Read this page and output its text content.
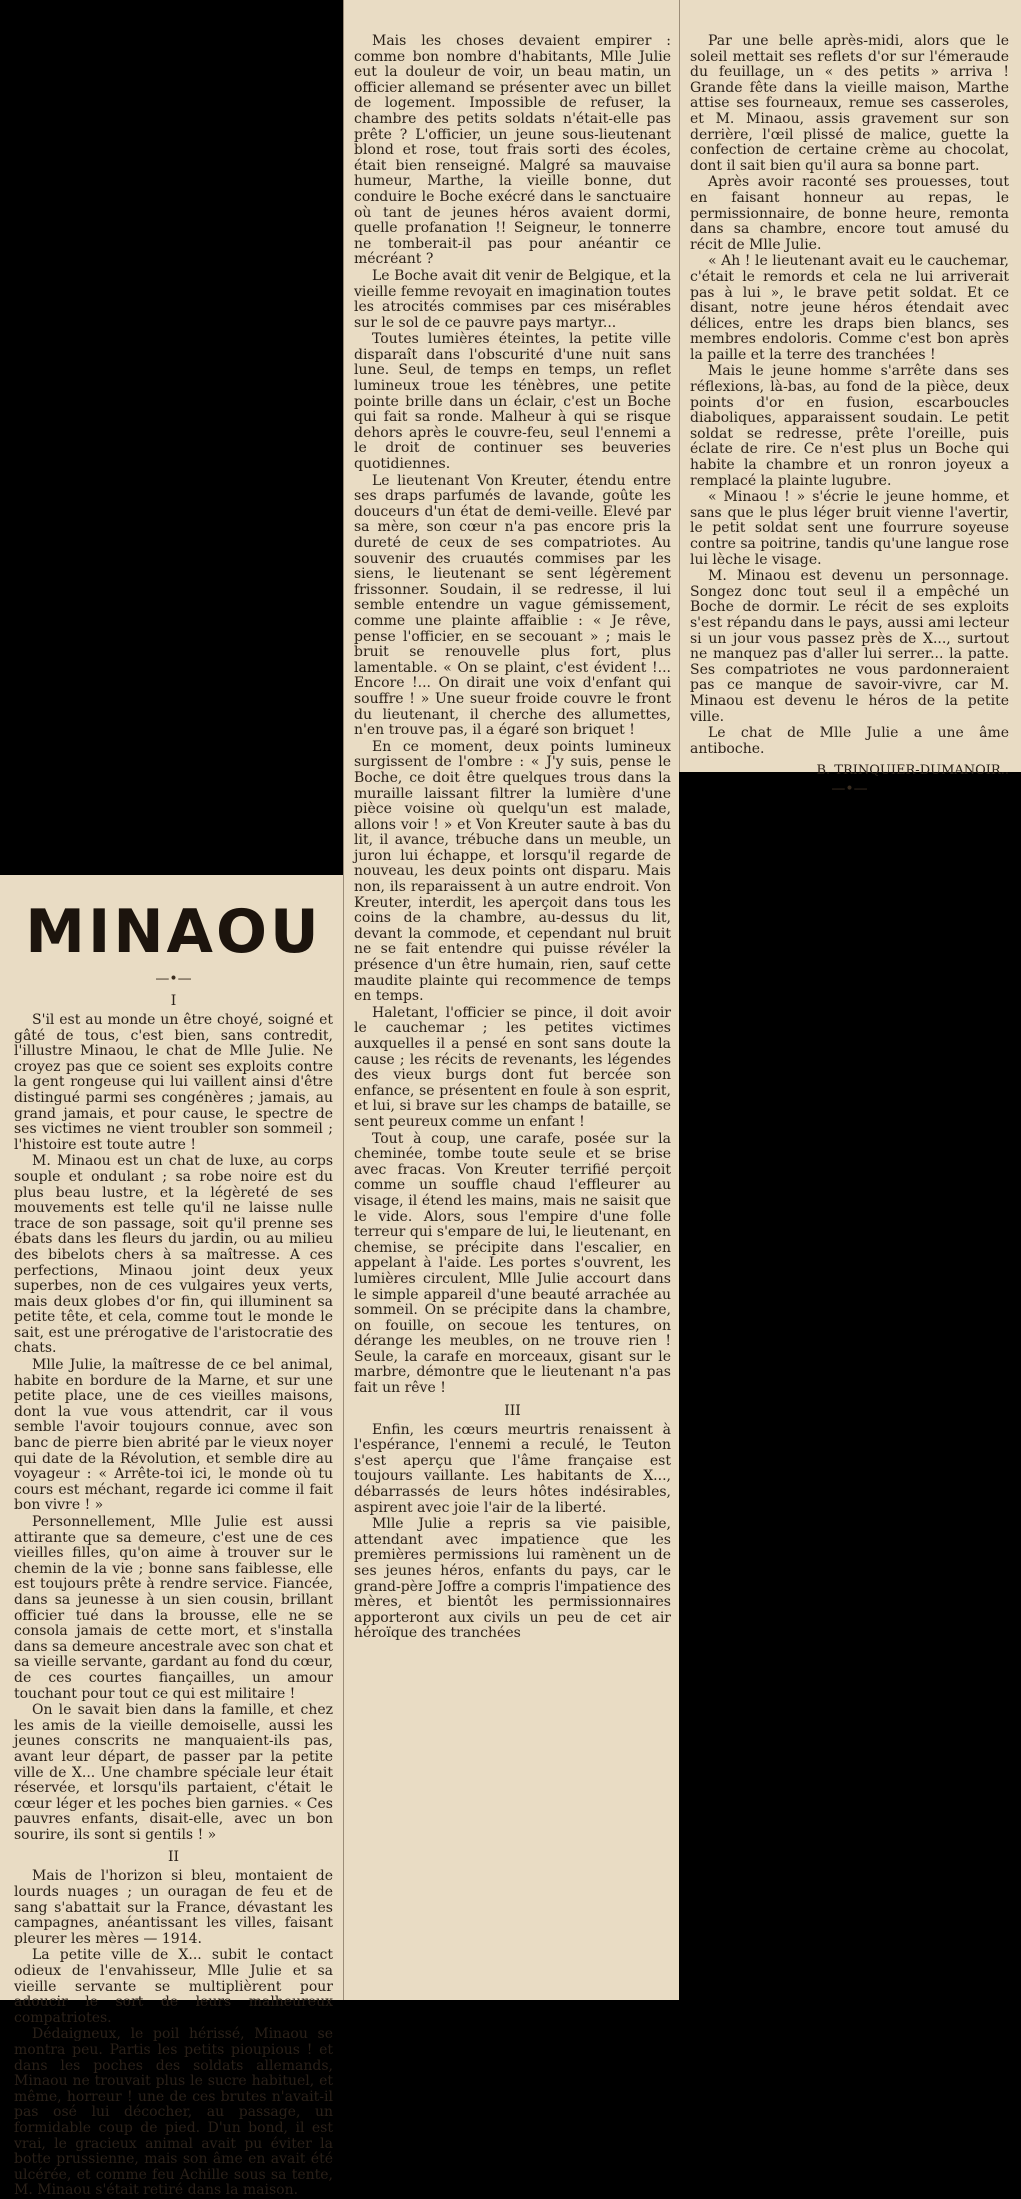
MINAOU
—•—
I

S'il est au monde un être choyé, soigné et gâté de tous, c'est bien, sans contredit, l'illustre Minaou, le chat de Mlle Julie. Ne croyez pas que ce soient ses exploits contre la gent rongeuse qui lui vaillent ainsi d'être distingué parmi ses congénères ; jamais, au grand jamais, et pour cause, le spectre de ses victimes ne vient troubler son sommeil ; l'histoire est toute autre !

M. Minaou est un chat de luxe, au corps souple et ondulant ; sa robe noire est du plus beau lustre, et la légèreté de ses mouvements est telle qu'il ne laisse nulle trace de son passage, soit qu'il prenne ses ébats dans les fleurs du jardin, ou au milieu des bibelots chers à sa maîtresse. A ces perfections, Minaou joint deux yeux superbes, non de ces vulgaires yeux verts, mais deux globes d'or fin, qui illuminent sa petite tête, et cela, comme tout le monde le sait, est une prérogative de l'aristocratie des chats.

Mlle Julie, la maîtresse de ce bel animal, habite en bordure de la Marne, et sur une petite place, une de ces vieilles maisons, dont la vue vous attendrit, car il vous semble l'avoir toujours connue, avec son banc de pierre bien abrité par le vieux noyer qui date de la Révolution, et semble dire au voyageur : « Arrête-toi ici, le monde où tu cours est méchant, regarde ici comme il fait bon vivre ! »

Personnellement, Mlle Julie est aussi attirante que sa demeure, c'est une de ces vieilles filles, qu'on aime à trouver sur le chemin de la vie ; bonne sans faiblesse, elle est toujours prête à rendre service. Fiancée, dans sa jeunesse à un sien cousin, brillant officier tué dans la brousse, elle ne se consola jamais de cette mort, et s'installa dans sa demeure ancestrale avec son chat et sa vieille servante, gardant au fond du cœur, de ces courtes fiançailles, un amour touchant pour tout ce qui est militaire !

On le savait bien dans la famille, et chez les amis de la vieille demoiselle, aussi les jeunes conscrits ne manquaient-ils pas, avant leur départ, de passer par la petite ville de X... Une chambre spéciale leur était réservée, et lorsqu'ils partaient, c'était le cœur léger et les poches bien garnies. « Ces pauvres enfants, disait-elle, avec un bon sourire, ils sont si gentils ! »

II

Mais de l'horizon si bleu, montaient de lourds nuages ; un ouragan de feu et de sang s'abattait sur la France, dévastant les campagnes, anéantissant les villes, faisant pleurer les mères — 1914.

La petite ville de X... subit le contact odieux de l'envahisseur, Mlle Julie et sa vieille servante se multiplièrent pour adoucir le sort de leurs malheureux compatriotes.

Dédaigneux, le poil hérissé, Minaou se montra peu. Partis les petits pioupious ! et dans les poches des soldats allemands, Minaou ne trouvait plus le sucre habituel, et même, horreur ! une de ces brutes n'avait-il pas osé lui décocher, au passage, un formidable coup de pied. D'un bond, il est vrai, le gracieux animal avait pu éviter la botte prussienne, mais son âme en avait été ulcérée, et comme feu Achille sous sa tente, M. Minaou s'était retiré dans la maison.

Mais les choses devaient empirer : comme bon nombre d'habitants, Mlle Julie eut la douleur de voir, un beau matin, un officier allemand se présenter avec un billet de logement. Impossible de refuser, la chambre des petits soldats n'était-elle pas prête ? L'officier, un jeune sous-lieutenant blond et rose, tout frais sorti des écoles, était bien renseigné. Malgré sa mauvaise humeur, Marthe, la vieille bonne, dut conduire le Boche exécré dans le sanctuaire où tant de jeunes héros avaient dormi, quelle profanation !! Seigneur, le tonnerre ne tomberait-il pas pour anéantir ce mécréant ?

Le Boche avait dit venir de Belgique, et la vieille femme revoyait en imagination toutes les atrocités commises par ces misérables sur le sol de ce pauvre pays martyr...

Toutes lumières éteintes, la petite ville disparaît dans l'obscurité d'une nuit sans lune. Seul, de temps en temps, un reflet lumineux troue les ténèbres, une petite pointe brille dans un éclair, c'est un Boche qui fait sa ronde. Malheur à qui se risque dehors après le couvre-feu, seul l'ennemi a le droit de continuer ses beuveries quotidiennes.

Le lieutenant Von Kreuter, étendu entre ses draps parfumés de lavande, goûte les douceurs d'un état de demi-veille. Elevé par sa mère, son cœur n'a pas encore pris la dureté de ceux de ses compatriotes. Au souvenir des cruautés commises par les siens, le lieutenant se sent légèrement frissonner. Soudain, il se redresse, il lui semble entendre un vague gémissement, comme une plainte affaiblie : « Je rêve, pense l'officier, en se secouant » ; mais le bruit se renouvelle plus fort, plus lamentable. « On se plaint, c'est évident !... Encore !... On dirait une voix d'enfant qui souffre ! » Une sueur froide couvre le front du lieutenant, il cherche des allumettes, n'en trouve pas, il a égaré son briquet !

En ce moment, deux points lumineux surgissent de l'ombre : « J'y suis, pense le Boche, ce doit être quelques trous dans la muraille laissant filtrer la lumière d'une pièce voisine où quelqu'un est malade, allons voir ! » et Von Kreuter saute à bas du lit, il avance, trébuche dans un meuble, un juron lui échappe, et lorsqu'il regarde de nouveau, les deux points ont disparu. Mais non, ils reparaissent à un autre endroit. Von Kreuter, interdit, les aperçoit dans tous les coins de la chambre, au-dessus du lit, devant la commode, et cependant nul bruit ne se fait entendre qui puisse révéler la présence d'un être humain, rien, sauf cette maudite plainte qui recommence de temps en temps.

Haletant, l'officier se pince, il doit avoir le cauchemar ; les petites victimes auxquelles il a pensé en sont sans doute la cause ; les récits de revenants, les légendes des vieux burgs dont fut bercée son enfance, se présentent en foule à son esprit, et lui, si brave sur les champs de bataille, se sent peureux comme un enfant !

Tout à coup, une carafe, posée sur la cheminée, tombe toute seule et se brise avec fracas. Von Kreuter terrifié perçoit comme un souffle chaud l'effleurer au visage, il étend les mains, mais ne saisit que le vide. Alors, sous l'empire d'une folle terreur qui s'empare de lui, le lieutenant, en chemise, se précipite dans l'escalier, en appelant à l'aide. Les portes s'ouvrent, les lumières circulent, Mlle Julie accourt dans le simple appareil d'une beauté arrachée au sommeil. On se précipite dans la chambre, on fouille, on secoue les tentures, on dérange les meubles, on ne trouve rien ! Seule, la carafe en morceaux, gisant sur le marbre, démontre que le lieutenant n'a pas fait un rêve !

III

Enfin, les cœurs meurtris renaissent à l'espérance, l'ennemi a reculé, le Teuton s'est aperçu que l'âme française est toujours vaillante. Les habitants de X..., débarrassés de leurs hôtes indésirables, aspirent avec joie l'air de la liberté.

Mlle Julie a repris sa vie paisible, attendant avec impatience que les premières permissions lui ramènent un de ses jeunes héros, enfants du pays, car le grand-père Joffre a compris l'impatience des mères, et bientôt les permissionnaires apporteront aux civils un peu de cet air héroïque des tranchées

Par une belle après-midi, alors que le soleil mettait ses reflets d'or sur l'émeraude du feuillage, un « des petits » arriva ! Grande fête dans la vieille maison, Marthe attise ses fourneaux, remue ses casseroles, et M. Minaou, assis gravement sur son derrière, l'œil plissé de malice, guette la confection de certaine crème au chocolat, dont il sait bien qu'il aura sa bonne part.

Après avoir raconté ses prouesses, tout en faisant honneur au repas, le permissionnaire, de bonne heure, remonta dans sa chambre, encore tout amusé du récit de Mlle Julie.

« Ah ! le lieutenant avait eu le cauchemar, c'était le remords et cela ne lui arriverait pas à lui », le brave petit soldat. Et ce disant, notre jeune héros étendait avec délices, entre les draps bien blancs, ses membres endoloris. Comme c'est bon après la paille et la terre des tranchées !

Mais le jeune homme s'arrête dans ses réflexions, là-bas, au fond de la pièce, deux points d'or en fusion, escarboucles diaboliques, apparaissent soudain. Le petit soldat se redresse, prête l'oreille, puis éclate de rire. Ce n'est plus un Boche qui habite la chambre et un ronron joyeux a remplacé la plainte lugubre.

« Minaou ! » s'écrie le jeune homme, et sans que le plus léger bruit vienne l'avertir, le petit soldat sent une fourrure soyeuse contre sa poitrine, tandis qu'une langue rose lui lèche le visage.

M. Minaou est devenu un personnage. Songez donc tout seul il a empêché un Boche de dormir. Le récit de ses exploits s'est répandu dans le pays, aussi ami lecteur si un jour vous passez près de X..., surtout ne manquez pas d'aller lui serrer... la patte. Ses compatriotes ne vous pardonneraient pas ce manque de savoir-vivre, car M. Minaou est devenu le héros de la petite ville.

Le chat de Mlle Julie a une âme antiboche.

B. TRINQUIER-DUMANOIR..

—•—
